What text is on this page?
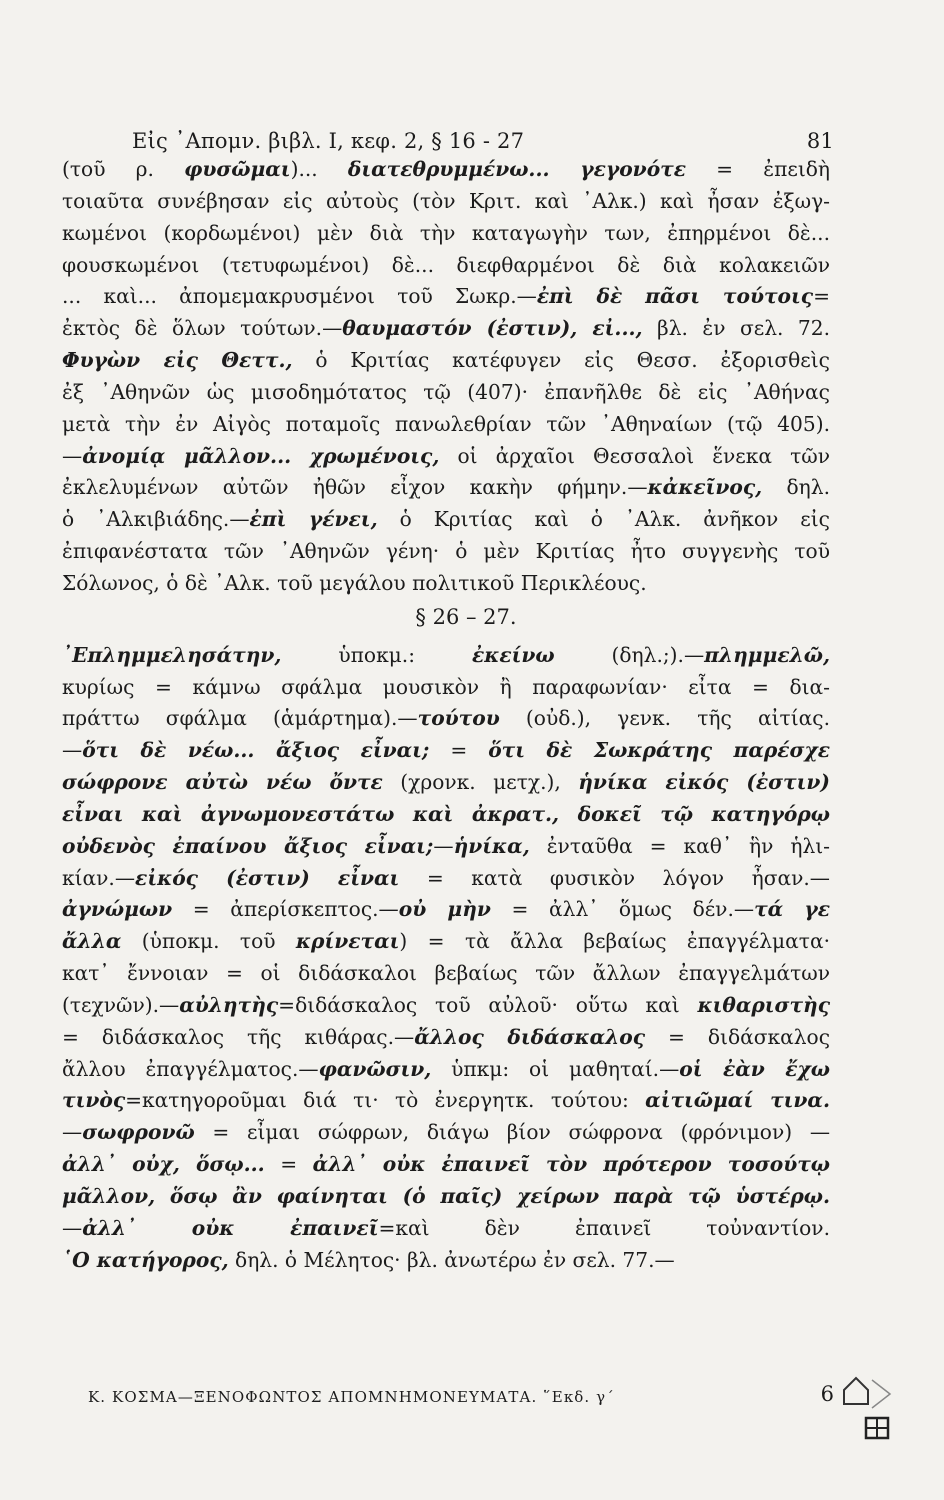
Εἰς ᾿Απομν. βιβλ. Ι, κεφ. 2, § 16 - 27	81
(τοῦ ρ. φυσῶμαι)... διατεθρυμμένω... γεγονότε = ἐπειδὴ
τοιαῦτα συνέβησαν εἰς αὐτοὺς (τὸν Κριτ. καὶ ᾿Αλκ.) καὶ ἦσαν ἐξωγ-
κωμένοι (κορδωμένοι) μὲν διὰ τὴν καταγωγὴν των, ἐπηρμένοι δὲ...
φουσκωμένοι (τετυφωμένοι) δὲ... διεφθαρμένοι δὲ διὰ κολακειῶν
... καὶ... ἀπομεμακρυσμένοι τοῦ Σωκρ.—ἐπὶ δὲ πᾶσι τούτοις=
ἐκτὸς δὲ ὅλων τούτων.—θαυμαστόν (ἐστιν), εἰ..., βλ. ἐν σελ. 72.
Φυγὼν εἰς Θεττ., ὁ Κριτίας κατέφυγεν εἰς Θεσσ. ἐξορισθεὶς
ἐξ ᾿Αθηνῶν ὡς μισοδημότατος τῷ (407)· ἐπανῆλθε δὲ εἰς ᾿Αθήνας
μετὰ τὴν ἐν Αἰγὸς ποταμοῖς πανωλεθρίαν τῶν ᾿Αθηναίων (τῷ 405).
—ἀνομίᾳ μᾶλλον... χρωμένοις, οἱ ἀρχαῖοι Θεσσαλοὶ ἕνεκα τῶν
ἐκλελυμένων αὐτῶν ἠθῶν εἶχον κακὴν φήμην.—κἀκεῖνος, δηλ.
ὁ ᾿Αλκιβιάδης.—ἐπὶ γένει, ὁ Κριτίας καὶ ὁ ᾿Αλκ. ἀνῆκον εἰς
ἐπιφανέστατα τῶν ᾿Αθηνῶν γένη· ὁ μὲν Κριτίας ἦτο συγγενὴς τοῦ
Σόλωνος, ὁ δὲ ᾿Αλκ. τοῦ μεγάλου πολιτικοῦ Περικλέους.
§ 26 – 27.
᾿Επλημμελησάτην, ὑποκμ.: ἐκείνω (δηλ.;).—πλημμελῶ,
κυρίως = κάμνω σφάλμα μουσικὸν ἢ παραφωνίαν· εἶτα = δια-
πράττω σφάλμα (ἁμάρτημα).—τούτου (οὐδ.), γενκ. τῆς αἰτίας.
—ὅτι δὲ νέω... ἄξιος εἶναι; = ὅτι δὲ Σωκράτης παρέσχε
σώφρονε αὐτὼ νέω ὄντε (χρονκ. μετχ.), ἡνίκα εἰκός (ἐστιν)
εἶναι καὶ ἀγνωμονεστάτω καὶ ἀκρατ., δοκεῖ τῷ κατηγόρῳ
οὐδενὸς ἐπαίνου ἄξιος εἶναι;—ἡνίκα, ἐνταῦθα = καθ᾿ ἣν ἡλι-
κίαν.—εἰκός (ἐστιν) εἶναι = κατὰ φυσικὸν λόγον ἦσαν.—
ἀγνώμων = ἀπερίσκεπτος.—οὐ μὴν = ἀλλ᾿ ὅμως δέν.—τά γε
ἄλλα (ὑποκμ. τοῦ κρίνεται) = τὰ ἄλλα βεβαίως ἐπαγγέλματα·
κατ᾿ ἔννοιαν = οἱ διδάσκαλοι βεβαίως τῶν ἄλλων ἐπαγγελμάτων
(τεχνῶν).—αὐλητὴς=διδάσκαλος τοῦ αὐλοῦ· οὕτω καὶ κιθαριστὴς
= διδάσκαλος τῆς κιθάρας.—ἄλλος διδάσκαλος = διδάσκαλος
ἄλλου ἐπαγγέλματος.—φανῶσιν, ὑπκμ: οἱ μαθηταί.—οἱ ἐὰν ἔχω
τινὸς=κατηγοροῦμαι διά τι· τὸ ἐνεργητκ. τούτου: αἰτιῶμαί τινα.
—σωφρονῶ = εἶμαι σώφρων, διάγω βίον σώφρονα (φρόνιμον) —
ἀλλ᾿ οὐχ, ὅσῳ... = ἀλλ᾿ οὐκ ἐπαινεῖ τὸν πρότερον τοσούτῳ
μᾶλλον, ὅσῳ ἂν φαίνηται (ὁ παῖς) χείρων παρὰ τῷ ὑστέρῳ.
—ἀλλ᾿ οὐκ ἐπαινεῖ=καὶ δὲν ἐπαινεῖ τοὐναντίον.
῾Ο κατήγορος, δηλ. ὁ Μέλητος· βλ. ἀνωτέρω ἐν σελ. 77.—
Κ. ΚΟΣΜΑ—ΞΕΝΟΦΩΝΤΟΣ ΑΠΟΜΝΗΜΟΝΕΥΜΑΤΑ. ῞Εκδ. γ´	6
